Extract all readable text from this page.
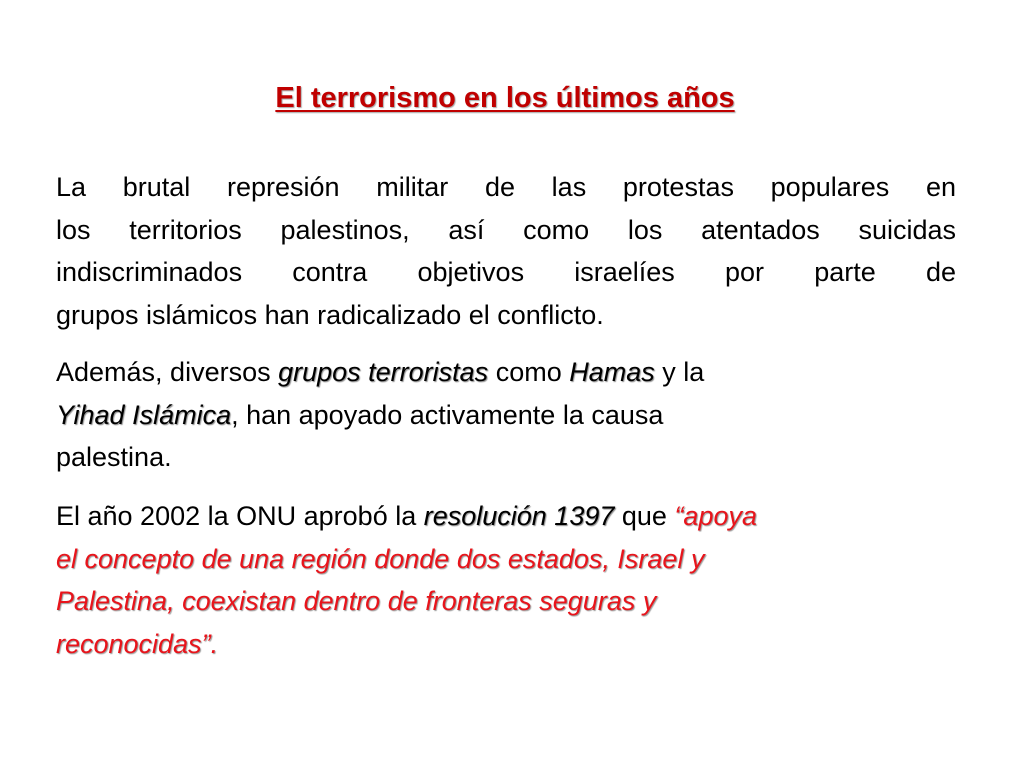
El terrorismo en los últimos años
La brutal represión militar de las protestas populares en
los territorios palestinos, así como los atentados suicidas
indiscriminados contra objetivos israelíes por parte de
grupos islámicos han radicalizado el conflicto.
Además, diversos grupos terroristas como Hamas y la
Yihad Islámica, han apoyado activamente la causa
palestina.
El año 2002 la ONU aprobó la resolución 1397 que “apoya
el concepto de una región donde dos estados, Israel y
Palestina, coexistan dentro de fronteras seguras y
reconocidas”.
